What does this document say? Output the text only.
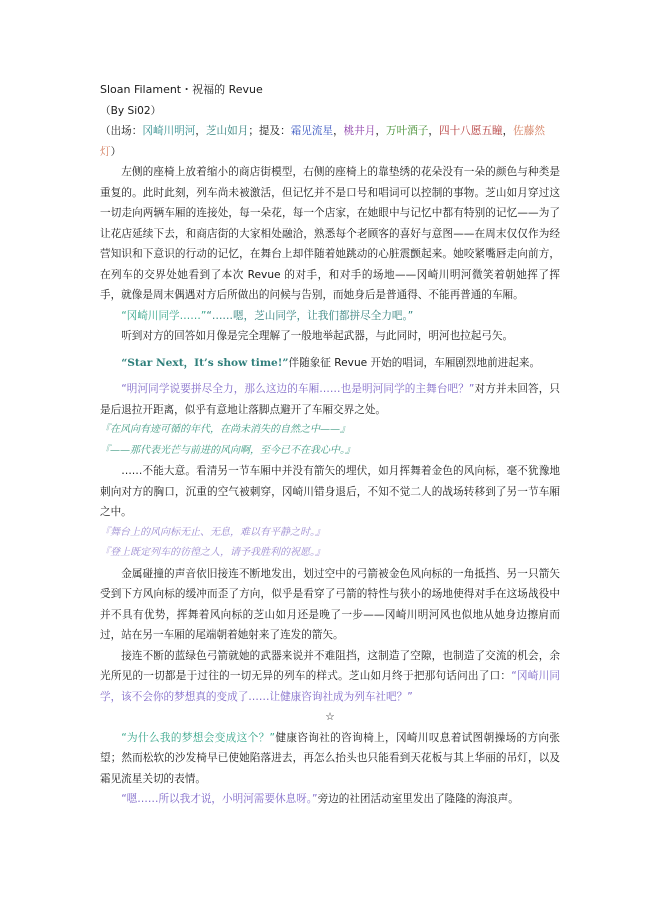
Sloan Filament・祝福的 Revue
（By Si02）
（出场：冈崎川明河，芝山如月；提及：霜见流星，桃井月，万叶酒子，四十八愿五瞳，佐藤然灯）

左侧的座椅上放着缩小的商店街模型，右侧的座椅上的靠垫绣的花朵没有一朵的颜色与种类是重复的。此时此刻，列车尚未被激活，但记忆并不是口号和唱词可以控制的事物。芝山如月穿过这一切走向两辆车厢的连接处，每一朵花，每一个店家，在她眼中与记忆中都有特别的记忆——为了让花店延续下去，和商店街的大家相处融洽，熟悉每个老顾客的喜好与意图——在周末仅仅作为经营知识和下意识的行动的记忆，在舞台上却伴随着她跳动的心脏震颤起来。她咬紧嘴唇走向前方，在列车的交界处她看到了本次 Revue 的对手，和对手的场地——冈崎川明河微笑着朝她挥了挥手，就像是周末偶遇对方后所做出的问候与告别，而她身后是普通得、不能再普通的车厢。

“冈崎川同学……”“……嗯，芝山同学，让我们都拼尽全力吧。”

听到对方的回答如月像是完全理解了一般地举起武器，与此同时，明河也拉起弓矢。

“Star Next，It’s show time!”伴随象征 Revue 开始的唱词，车厢剧烈地前进起来。

“明河同学说要拼尽全力，那么这边的车厢……也是明河同学的主舞台吧？”对方并未回答，只是后退拉开距离，似乎有意地让落脚点避开了车厢交界之处。

『在风向有迹可循的年代，在尚未消失的自然之中——』
『——那代表光芒与前进的风向啊，至今已不在我心中。』

……不能大意。看清另一节车厢中并没有箭矢的埋伏，如月挥舞着金色的风向标，毫不犹豫地刺向对方的胸口，沉重的空气被刺穿，冈崎川错身退后，不知不觉二人的战场转移到了另一节车厢之中。

『舞台上的风向标无止、无息，难以有平静之时。』
『登上既定列车的彷徨之人，请予我胜利的祝愿。』

金属碰撞的声音依旧接连不断地发出，划过空中的弓箭被金色风向标的一角抵挡、另一只箭矢受到下方风向标的缓冲而歪了方向，似乎是看穿了弓箭的特性与狭小的场地使得对手在这场战役中并不具有优势，挥舞着风向标的芝山如月还是晚了一步——冈崎川明河风也似地从她身边擦肩而过，站在另一车厢的尾端朝着她射来了连发的箭矢。

接连不断的蓝绿色弓箭就她的武器来说并不难阻挡，这制造了空隙，也制造了交流的机会，余光所见的一切都是于过往的一切无异的列车的样式。芝山如月终于把那句话问出了口：“冈崎川同学，该不会你的梦想真的变成了……让健康咨询社成为列车社吧？”

☆

“为什么我的梦想会变成这个？”健康咨询社的咨询椅上，冈崎川叹息着试图朝操场的方向张望；然而松软的沙发椅早已使她陷落进去，再怎么抬头也只能看到天花板与其上华丽的吊灯，以及霜见流星关切的表情。

“嗯……所以我才说，小明河需要休息呀。”旁边的社团活动室里发出了隆隆的海浪声。
